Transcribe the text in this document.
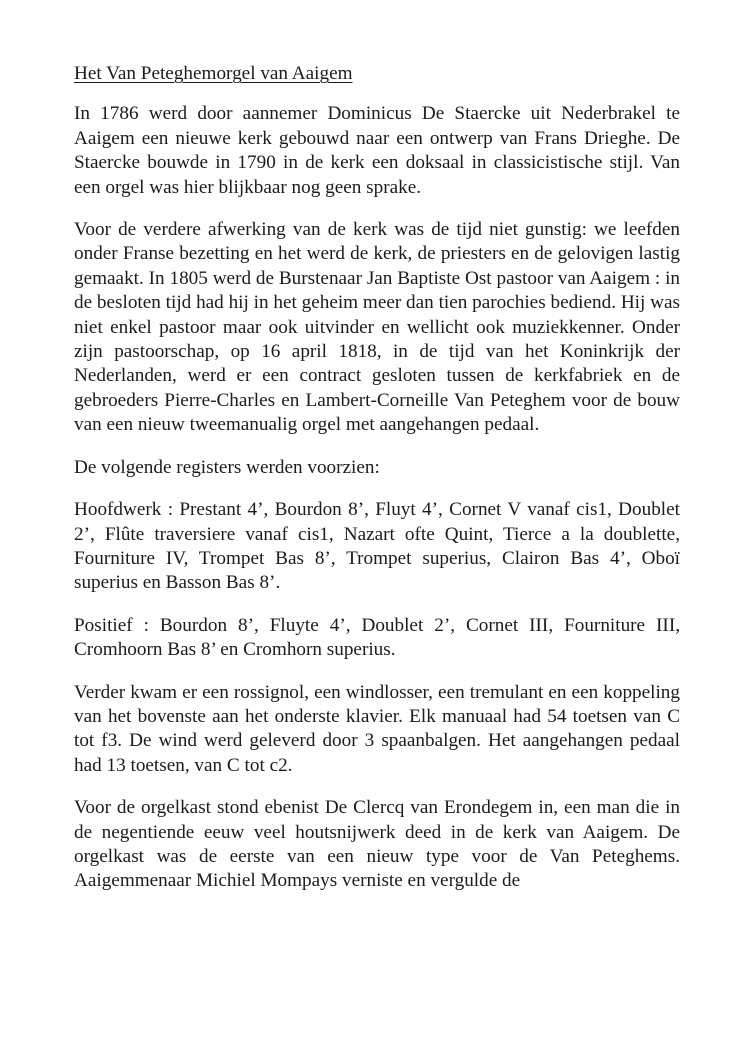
Het Van Peteghemorgel van Aaigem

In 1786 werd door aannemer Dominicus De Staercke uit Nederbrakel te Aaigem een nieuwe kerk gebouwd naar een ontwerp van Frans Drieghe. De Staercke bouwde in 1790 in de kerk een doksaal in classicistische stijl. Van een orgel was hier blijkbaar nog geen sprake.

Voor de verdere afwerking van de kerk was de tijd niet gunstig: we leefden onder Franse bezetting en het werd de kerk, de priesters en de gelovigen lastig gemaakt. In 1805 werd de Burstenaar Jan Baptiste Ost pastoor van Aaigem : in de besloten tijd had hij in het geheim meer dan tien parochies bediend. Hij was niet enkel pastoor maar ook uitvinder en wellicht ook muziekkenner. Onder zijn pastoorschap, op 16 april 1818, in de tijd van het Koninkrijk der Nederlanden, werd er een contract gesloten tussen de kerkfabriek en de gebroeders Pierre-Charles en Lambert-Corneille Van Peteghem voor de bouw van een nieuw tweemanualig orgel met aangehangen pedaal.

De volgende registers werden voorzien:

Hoofdwerk : Prestant 4’, Bourdon 8’, Fluyt 4’, Cornet V vanaf cis1, Doublet 2’, Flûte traversiere vanaf cis1, Nazart ofte Quint, Tierce a la doublette, Fourniture IV, Trompet Bas 8’, Trompet superius, Clairon Bas 4’, Oboï superius en Basson Bas 8’.

Positief : Bourdon 8’, Fluyte 4’, Doublet 2’, Cornet III, Fourniture III, Cromhoorn Bas 8’ en Cromhorn superius.

Verder kwam er een rossignol, een windlosser, een tremulant en een koppeling van het bovenste aan het onderste klavier. Elk manuaal had 54 toetsen van C tot f3. De wind werd geleverd door 3 spaanbalgen. Het aangehangen pedaal had 13 toetsen, van C tot c2.

Voor de orgelkast stond ebenist De Clercq van Erondegem in, een man die in de negentiende eeuw veel houtsnijwerk deed in de kerk van Aaigem. De orgelkast was de eerste van een nieuw type voor de Van Peteghems. Aaigemmenaar Michiel Mompays verniste en vergulde de
